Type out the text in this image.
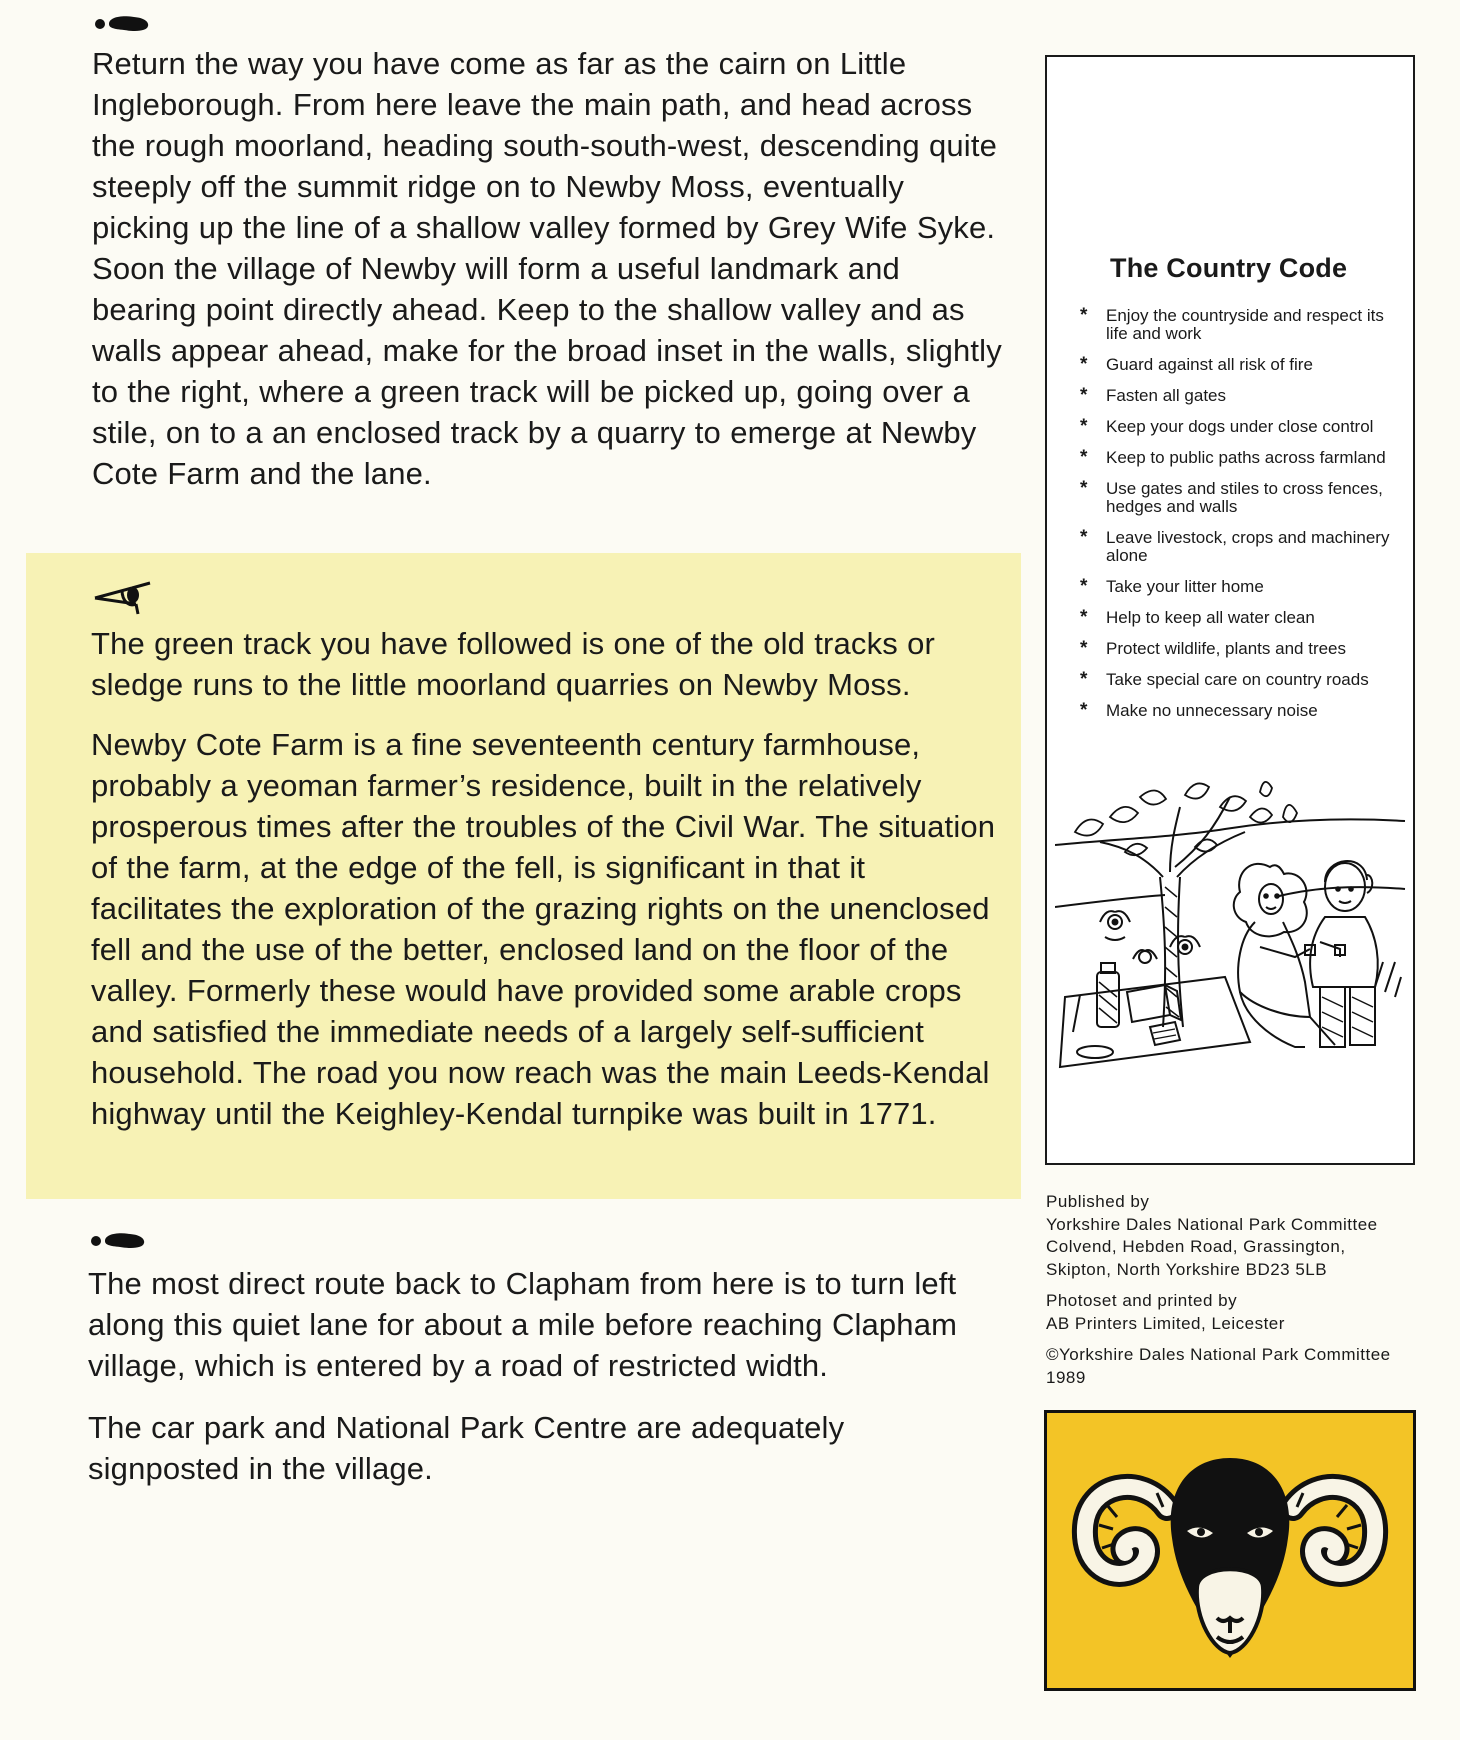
Return the way you have come as far as the cairn on Little Ingleborough. From here leave the main path, and head across the rough moorland, heading south-south-west, descending quite steeply off the summit ridge on to Newby Moss, eventually picking up the line of a shallow valley formed by Grey Wife Syke. Soon the village of Newby will form a useful landmark and bearing point directly ahead. Keep to the shallow valley and as walls appear ahead, make for the broad inset in the walls, slightly to the right, where a green track will be picked up, going over a stile, on to a an enclosed track by a quarry to emerge at Newby Cote Farm and the lane.

The green track you have followed is one of the old tracks or sledge runs to the little moorland quarries on Newby Moss.

Newby Cote Farm is a fine seventeenth century farmhouse, probably a yeoman farmer’s residence, built in the relatively prosperous times after the troubles of the Civil War. The situation of the farm, at the edge of the fell, is significant in that it facilitates the exploration of the grazing rights on the unenclosed fell and the use of the better, enclosed land on the floor of the valley. Formerly these would have provided some arable crops and satisfied the immediate needs of a largely self-sufficient household. The road you now reach was the main Leeds-Kendal highway until the Keighley-Kendal turnpike was built in 1771.

The most direct route back to Clapham from here is to turn left along this quiet lane for about a mile before reaching Clapham village, which is entered by a road of restricted width.

The car park and National Park Centre are adequately signposted in the village.

The Country Code
* Enjoy the countryside and respect its life and work
* Guard against all risk of fire
* Fasten all gates
* Keep your dogs under close control
* Keep to public paths across farmland
* Use gates and stiles to cross fences, hedges and walls
* Leave livestock, crops and machinery alone
* Take your litter home
* Help to keep all water clean
* Protect wildlife, plants and trees
* Take special care on country roads
* Make no unnecessary noise

Published by
Yorkshire Dales National Park Committee
Colvend, Hebden Road, Grassington,
Skipton, North Yorkshire BD23 5LB

Photoset and printed by
AB Printers Limited, Leicester

©Yorkshire Dales National Park Committee
1989
